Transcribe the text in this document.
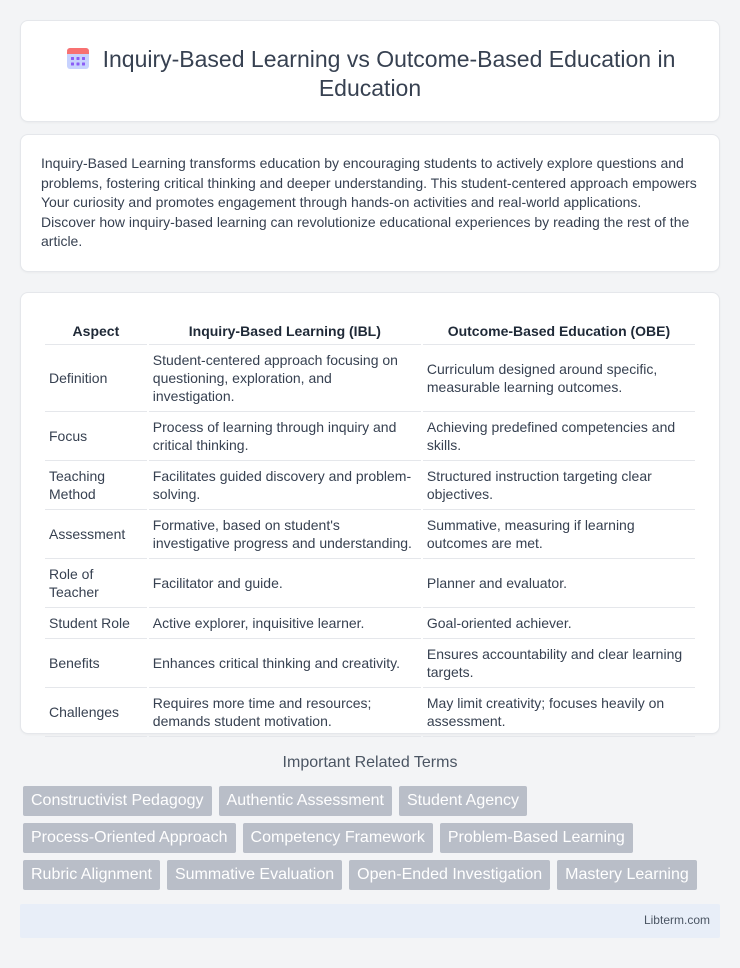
Inquiry-Based Learning vs Outcome-Based Education in Education

Inquiry-Based Learning transforms education by encouraging students to actively explore questions and problems, fostering critical thinking and deeper understanding. This student-centered approach empowers Your curiosity and promotes engagement through hands-on activities and real-world applications. Discover how inquiry-based learning can revolutionize educational experiences by reading the rest of the article.

Aspect	Inquiry-Based Learning (IBL)	Outcome-Based Education (OBE)
Definition	Student-centered approach focusing on questioning, exploration, and investigation.	Curriculum designed around specific, measurable learning outcomes.
Focus	Process of learning through inquiry and critical thinking.	Achieving predefined competencies and skills.
Teaching Method	Facilitates guided discovery and problem-solving.	Structured instruction targeting clear objectives.
Assessment	Formative, based on student's investigative progress and understanding.	Summative, measuring if learning outcomes are met.
Role of Teacher	Facilitator and guide.	Planner and evaluator.
Student Role	Active explorer, inquisitive learner.	Goal-oriented achiever.
Benefits	Enhances critical thinking and creativity.	Ensures accountability and clear learning targets.
Challenges	Requires more time and resources; demands student motivation.	May limit creativity; focuses heavily on assessment.
Important Related Terms
Constructivist Pedagogy	Authentic Assessment	Student Agency
Process-Oriented Approach	Competency Framework	Problem-Based Learning
Rubric Alignment	Summative Evaluation	Open-Ended Investigation	Mastery Learning
Libterm.com
